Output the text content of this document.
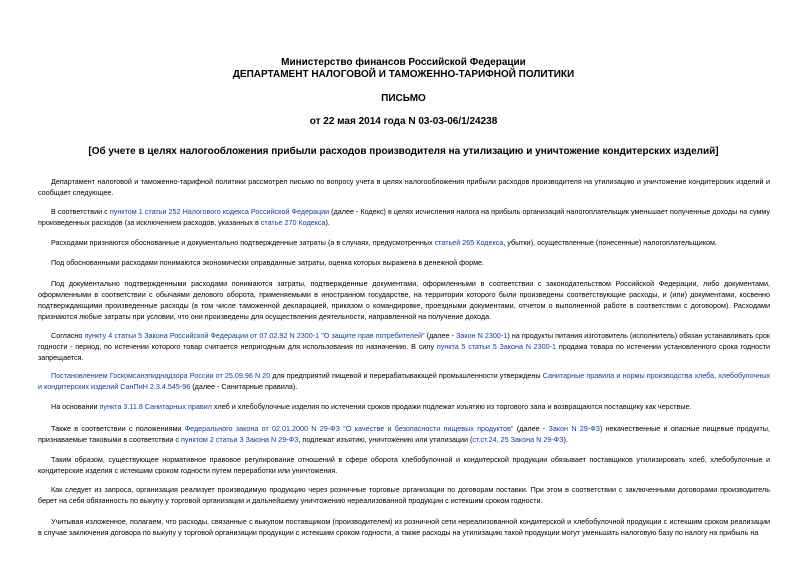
Министерство финансов Российской Федерации
ДЕПАРТАМЕНТ НАЛОГОВОЙ И ТАМОЖЕННО-ТАРИФНОЙ ПОЛИТИКИ
ПИСЬМО
от 22 мая 2014 года N 03-03-06/1/24238
[Об учете в целях налогообложения прибыли расходов производителя на утилизацию и уничтожение кондитерских изделий]

Департамент налоговой и таможенно-тарифной политики рассмотрел письмо по вопросу учета в целях налогообложения прибыли расходов производителя на утилизацию и уничтожение кондитерских изделий и сообщает следующее.

В соответствии с пунктом 1 статьи 252 Налогового кодекса Российской Федерации (далее - Кодекс) в целях исчисления налога на прибыль организаций налогоплательщик уменьшает полученные доходы на сумму произведенных расходов (за исключением расходов, указанных в статье 270 Кодекса).

Расходами признаются обоснованные и документально подтвержденные затраты (а в случаях, предусмотренных статьей 265 Кодекса, убытки), осуществленные (понесенные) налогоплательщиком.

Под обоснованными расходами понимаются экономически оправданные затраты, оценка которых выражена в денежной форме.

Под документально подтвержденными расходами понимаются затраты, подтвержденные документами, оформленными в соответствии с законодательством Российской Федерации, либо документами, оформленными в соответствии с обычаями делового оборота, применяемыми в иностранном государстве, на территории которого были произведены соответствующие расходы, и (или) документами, косвенно подтверждающими произведенные расходы (в том числе таможенной декларацией, приказом о командировке, проездными документами, отчетом о выполненной работе в соответствии с договором). Расходами признаются любые затраты при условии, что они произведены для осуществления деятельности, направленной на получение дохода.

Согласно пункту 4 статьи 5 Закона Российской Федерации от 07.02.92 N 2300-1 "О защите прав потребителей" (далее - Закон N 2300-1) на продукты питания изготовитель (исполнитель) обязан устанавливать срок годности - период, по истечении которого товар считается непригодным для использования по назначению. В силу пункта 5 статьи 5 Закона N 2300-1 продажа товара по истечении установленного срока годности запрещается.

Постановлением Госкомсанэпиднадзора России от 25.09.96 N 20 для предприятий пищевой и перерабатывающей промышленности утверждены Санитарные правила и нормы производства хлеба, хлебобулочных и кондитерских изделий СанПиН 2.3.4.545-96 (далее - Санитарные правила).

На основании пункта 3.11.8 Санитарных правил хлеб и хлебобулочные изделия по истечении сроков продажи подлежат изъятию из торгового зала и возвращаются поставщику как черствые.

Также в соответствии с положениями Федерального закона от 02.01.2000 N 29-ФЗ "О качестве и безопасности пищевых продуктов" (далее - Закон N 29-ФЗ) некачественные и опасные пищевые продукты, признаваемые таковыми в соответствии с пунктом 2 статьи 3 Закона N 29-ФЗ, подлежат изъятию, уничтожению или утилизации (ст.ст.24, 25 Закона N 29-ФЗ).

Таким образом, существующее нормативное правовое регулирование отношений в сфере оборота хлебобулочной и кондитерской продукции обязывает поставщиков утилизировать хлеб, хлебобулочные и кондитерские изделия с истекшим сроком годности путем переработки или уничтожения.

Как следует из запроса, организация реализует производимую продукцию через розничные торговые организации по договорам поставки. При этом в соответствии с заключенными договорами производитель берет на себя обязанность по выкупу у торговой организации и дальнейшему уничтожению нереализованной продукции с истекшим сроком годности.

Учитывая изложенное, полагаем, что расходы, связанные с выкупом поставщиком (производителем) из розничной сети нереализованной кондитерской и хлебобулочной продукции с истекшим сроком реализации в случае заключения договора по выкупу у торговой организации продукции с истекшим сроком годности, а также расходы на утилизацию такой продукции могут уменьшать налоговую базу по налогу на прибыль на
